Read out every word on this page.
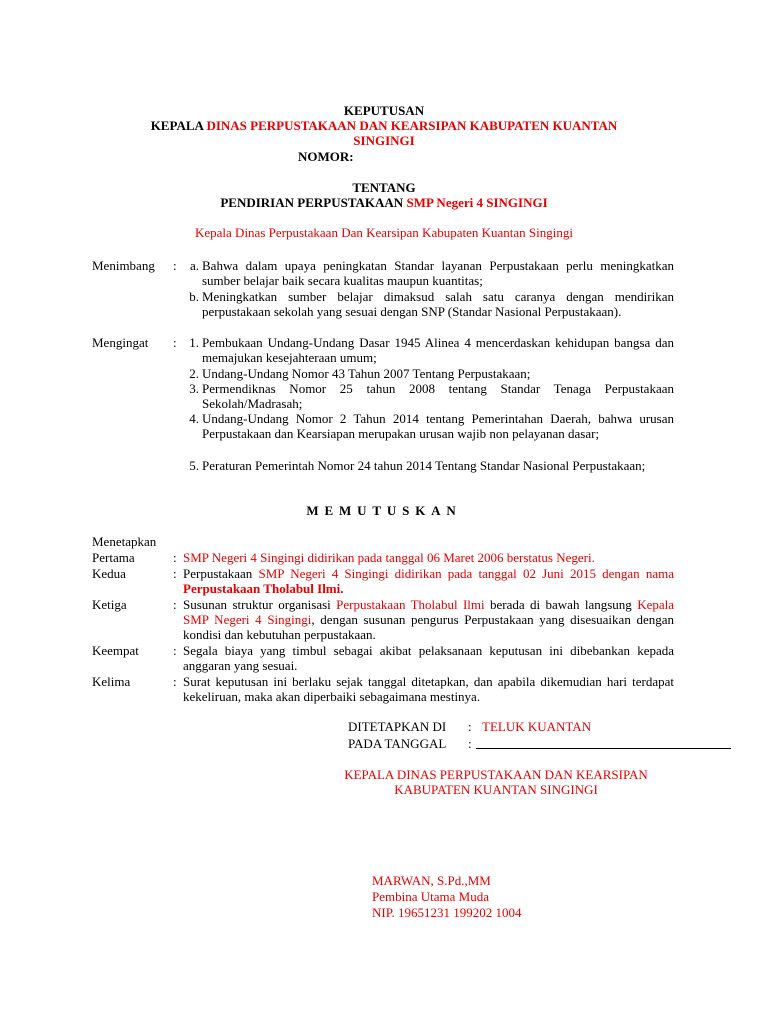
KEPUTUSAN
KEPALA DINAS PERPUSTAKAAN DAN KEARSIPAN KABUPATEN KUANTAN
SINGINGI
NOMOR:
TENTANG
PENDIRIAN PERPUSTAKAAN SMP Negeri 4 SINGINGI
Kepala Dinas Perpustakaan Dan Kearsipan Kabupaten Kuantan Singingi
Menimbang :	a. Bahwa dalam upaya peningkatan Standar layanan Perpustakaan perlu meningkatkan sumber belajar baik secara kualitas maupun kuantitas;
b. Meningkatkan sumber belajar dimaksud salah satu caranya dengan mendirikan perpustakaan sekolah yang sesuai dengan SNP (Standar Nasional Perpustakaan).
Mengingat : 1. Pembukaan Undang-Undang Dasar 1945 Alinea 4 mencerdaskan kehidupan bangsa dan memajukan kesejahteraan umum;
2. Undang-Undang Nomor 43 Tahun 2007 Tentang Perpustakaan;
3. Permendiknas Nomor 25 tahun 2008 tentang Standar Tenaga Perpustakaan Sekolah/Madrasah;
4. Undang-Undang Nomor 2 Tahun 2014 tentang Pemerintahan Daerah, bahwa urusan Perpustakaan dan Kearsiapan merupakan urusan wajib non pelayanan dasar;
5. Peraturan Pemerintah Nomor 24 tahun 2014 Tentang Standar Nasional Perpustakaan;
MEMUTUSKAN
Menetapkan
Pertama	: SMP Negeri 4 Singingi didirikan pada tanggal 06 Maret 2006 berstatus Negeri.
Kedua	: Perpustakaan SMP Negeri 4 Singingi didirikan pada tanggal 02 Juni 2015 dengan nama Perpustakaan Tholabul Ilmi.
Ketiga	: Susunan struktur organisasi Perpustakaan Tholabul Ilmi berada di bawah langsung Kepala SMP Negeri 4 Singingi, dengan susunan pengurus Perpustakaan yang disesuaikan dengan kondisi dan kebutuhan perpustakaan.
Keempat	: Segala biaya yang timbul sebagai akibat pelaksanaan keputusan ini dibebankan kepada anggaran yang sesuai.
Kelima	: Surat keputusan ini berlaku sejak tanggal ditetapkan, dan apabila dikemudian hari terdapat kekeliruan, maka akan diperbaiki sebagaimana mestinya.
DITETAPKAN DI : TELUK KUANTAN
PADA TANGGAL :
KEPALA DINAS PERPUSTAKAAN DAN KEARSIPAN
KABUPATEN KUANTAN SINGINGI
MARWAN, S.Pd.,MM
Pembina Utama Muda
NIP. 19651231 199202 1004
